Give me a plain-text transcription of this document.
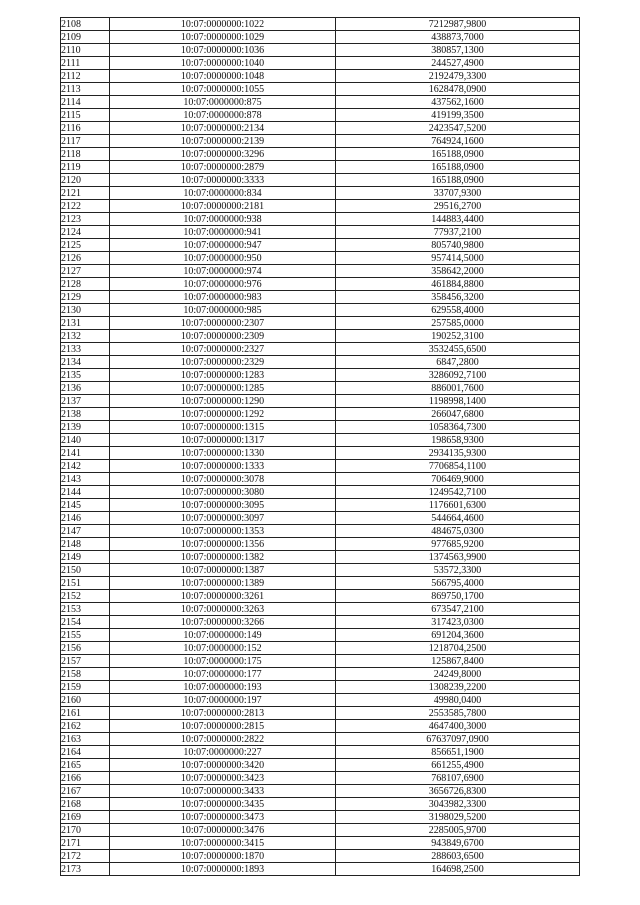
2108	10:07:0000000:1022	7212987,9800
2109	10:07:0000000:1029	438873,7000
2110	10:07:0000000:1036	380857,1300
2111	10:07:0000000:1040	244527,4900
2112	10:07:0000000:1048	2192479,3300
2113	10:07:0000000:1055	1628478,0900
2114	10:07:0000000:875	437562,1600
2115	10:07:0000000:878	419199,3500
2116	10:07:0000000:2134	2423547,5200
2117	10:07:0000000:2139	764924,1600
2118	10:07:0000000:3296	165188,0900
2119	10:07:0000000:2879	165188,0900
2120	10:07:0000000:3333	165188,0900
2121	10:07:0000000:834	33707,9300
2122	10:07:0000000:2181	29516,2700
2123	10:07:0000000:938	144883,4400
2124	10:07:0000000:941	77937,2100
2125	10:07:0000000:947	805740,9800
2126	10:07:0000000:950	957414,5000
2127	10:07:0000000:974	358642,2000
2128	10:07:0000000:976	461884,8800
2129	10:07:0000000:983	358456,3200
2130	10:07:0000000:985	629558,4000
2131	10:07:0000000:2307	257585,0000
2132	10:07:0000000:2309	190252,3100
2133	10:07:0000000:2327	3532455,6500
2134	10:07:0000000:2329	6847,2800
2135	10:07:0000000:1283	3286092,7100
2136	10:07:0000000:1285	886001,7600
2137	10:07:0000000:1290	1198998,1400
2138	10:07:0000000:1292	266047,6800
2139	10:07:0000000:1315	1058364,7300
2140	10:07:0000000:1317	198658,9300
2141	10:07:0000000:1330	2934135,9300
2142	10:07:0000000:1333	7706854,1100
2143	10:07:0000000:3078	706469,9000
2144	10:07:0000000:3080	1249542,7100
2145	10:07:0000000:3095	1176601,6300
2146	10:07:0000000:3097	544664,4600
2147	10:07:0000000:1353	484675,0300
2148	10:07:0000000:1356	977685,9200
2149	10:07:0000000:1382	1374563,9900
2150	10:07:0000000:1387	53572,3300
2151	10:07:0000000:1389	566795,4000
2152	10:07:0000000:3261	869750,1700
2153	10:07:0000000:3263	673547,2100
2154	10:07:0000000:3266	317423,0300
2155	10:07:0000000:149	691204,3600
2156	10:07:0000000:152	1218704,2500
2157	10:07:0000000:175	125867,8400
2158	10:07:0000000:177	24249,8000
2159	10:07:0000000:193	1308239,2200
2160	10:07:0000000:197	49980,0400
2161	10:07:0000000:2813	2553585,7800
2162	10:07:0000000:2815	4647400,3000
2163	10:07:0000000:2822	67637097,0900
2164	10:07:0000000:227	856651,1900
2165	10:07:0000000:3420	661255,4900
2166	10:07:0000000:3423	768107,6900
2167	10:07:0000000:3433	3656726,8300
2168	10:07:0000000:3435	3043982,3300
2169	10:07:0000000:3473	3198029,5200
2170	10:07:0000000:3476	2285005,9700
2171	10:07:0000000:3415	943849,6700
2172	10:07:0000000:1870	288603,6500
2173	10:07:0000000:1893	164698,2500
